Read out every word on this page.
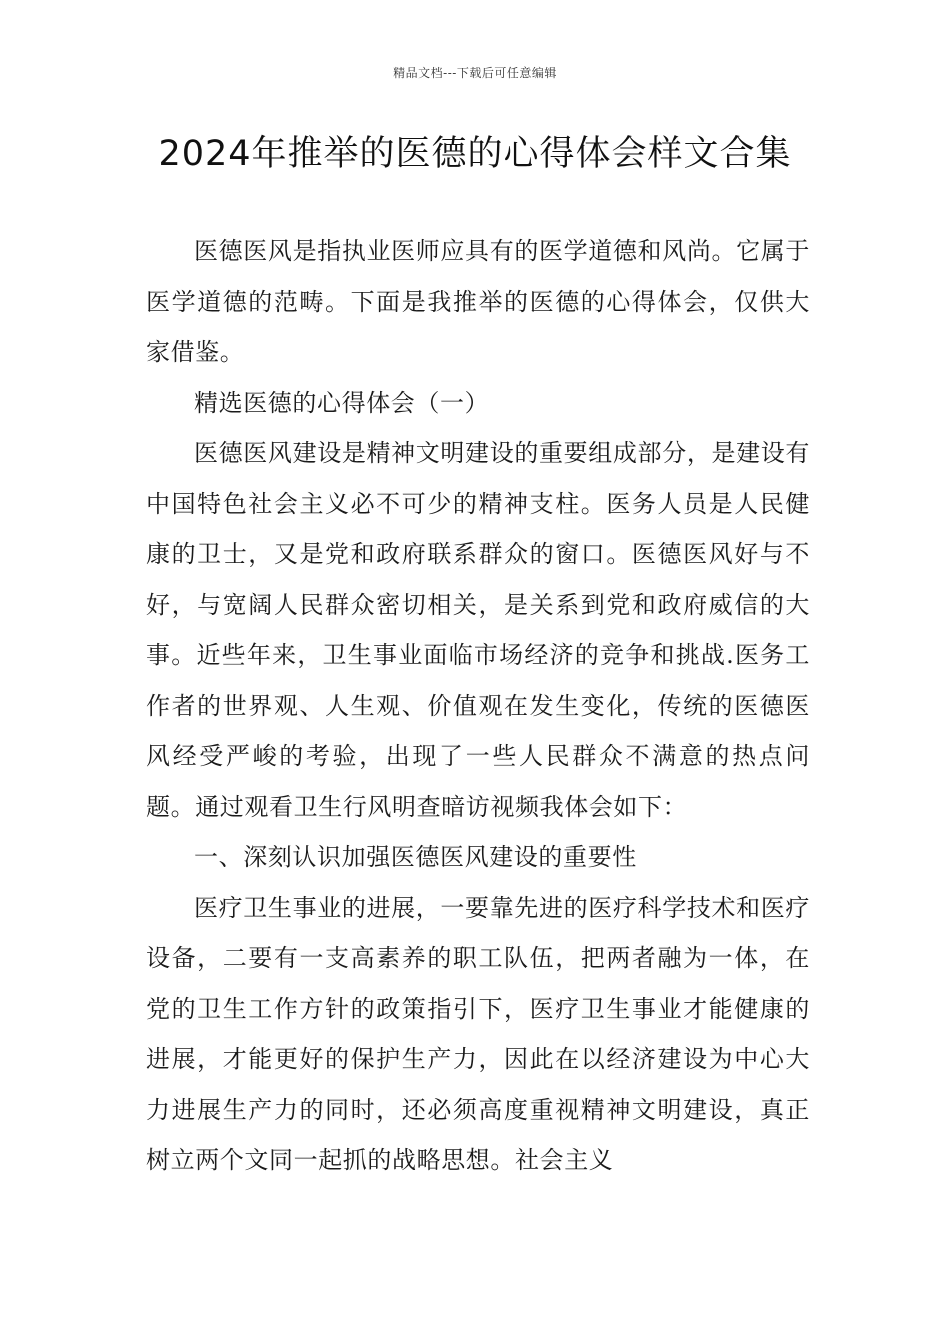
精品文档---下载后可任意编辑
2024年推举的医德的心得体会样文合集

医德医风是指执业医师应具有的医学道德和风尚。它属于医学道德的范畴。下面是我推举的医德的心得体会，仅供大家借鉴。

精选医德的心得体会（一）

医德医风建设是精神文明建设的重要组成部分，是建设有中国特色社会主义必不可少的精神支柱。医务人员是人民健康的卫士，又是党和政府联系群众的窗口。医德医风好与不好，与宽阔人民群众密切相关，是关系到党和政府威信的大事。近些年来，卫生事业面临市场经济的竞争和挑战.医务工作者的世界观、人生观、价值观在发生变化，传统的医德医风经受严峻的考验，出现了一些人民群众不满意的热点问题。通过观看卫生行风明查暗访视频我体会如下：

一、深刻认识加强医德医风建设的重要性

医疗卫生事业的进展，一要靠先进的医疗科学技术和医疗设备，二要有一支高素养的职工队伍，把两者融为一体，在党的卫生工作方针的政策指引下，医疗卫生事业才能健康的进展，才能更好的保护生产力，因此在以经济建设为中心大力进展生产力的同时，还必须高度重视精神文明建设，真正树立两个文同一起抓的战略思想。社会主义
